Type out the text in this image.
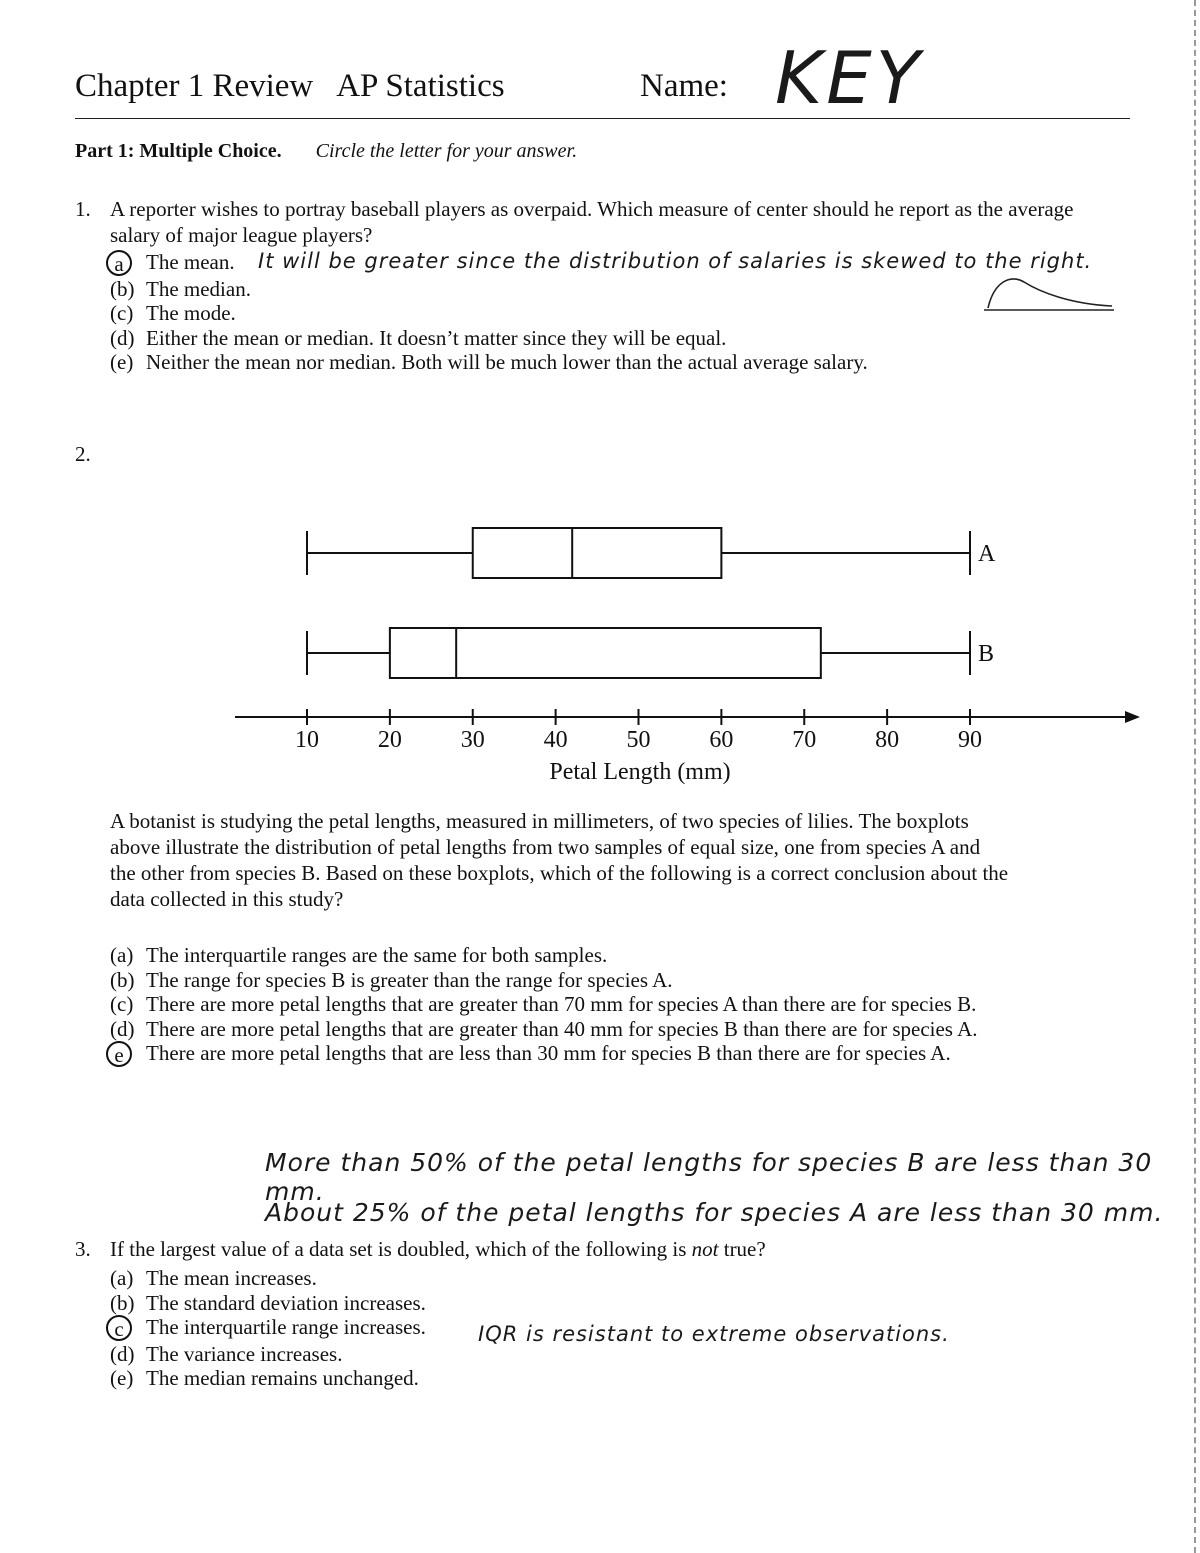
Chapter 1 Review   AP Statistics	Name: KEY
Part 1: Multiple Choice. Circle the letter for your answer.
1. A reporter wishes to portray baseball players as overpaid. Which measure of center should he report as the average salary of major league players?
a	The mean.
(b) The median.
(c) The mode.
(d) Either the mean or median. It doesn’t matter since they will be equal.
(e) Neither the mean nor median. Both will be much lower than the actual average salary.
It will be greater since the distribution of salaries is skewed to the right.
2.
A
B
10 20 30 40 50 60 70 80 90
Petal Length (mm)
A botanist is studying the petal lengths, measured in millimeters, of two species of lilies. The boxplots above illustrate the distribution of petal lengths from two samples of equal size, one from species A and the other from species B. Based on these boxplots, which of the following is a correct conclusion about the data collected in this study?
(a) The interquartile ranges are the same for both samples.
(b) The range for species B is greater than the range for species A.
(c) There are more petal lengths that are greater than 70 mm for species A than there are for species B.
(d) There are more petal lengths that are greater than 40 mm for species B than there are for species A.
e	There are more petal lengths that are less than 30 mm for species B than there are for species A.
More than 50% of the petal lengths for species B are less than 30 mm.
About 25% of the petal lengths for species A are less than 30 mm.
3. If the largest value of a data set is doubled, which of the following is not true?
(a) The mean increases.
(b) The standard deviation increases.
c	The interquartile range increases.
(d) The variance increases.
(e) The median remains unchanged.
IQR is resistant to extreme observations.
